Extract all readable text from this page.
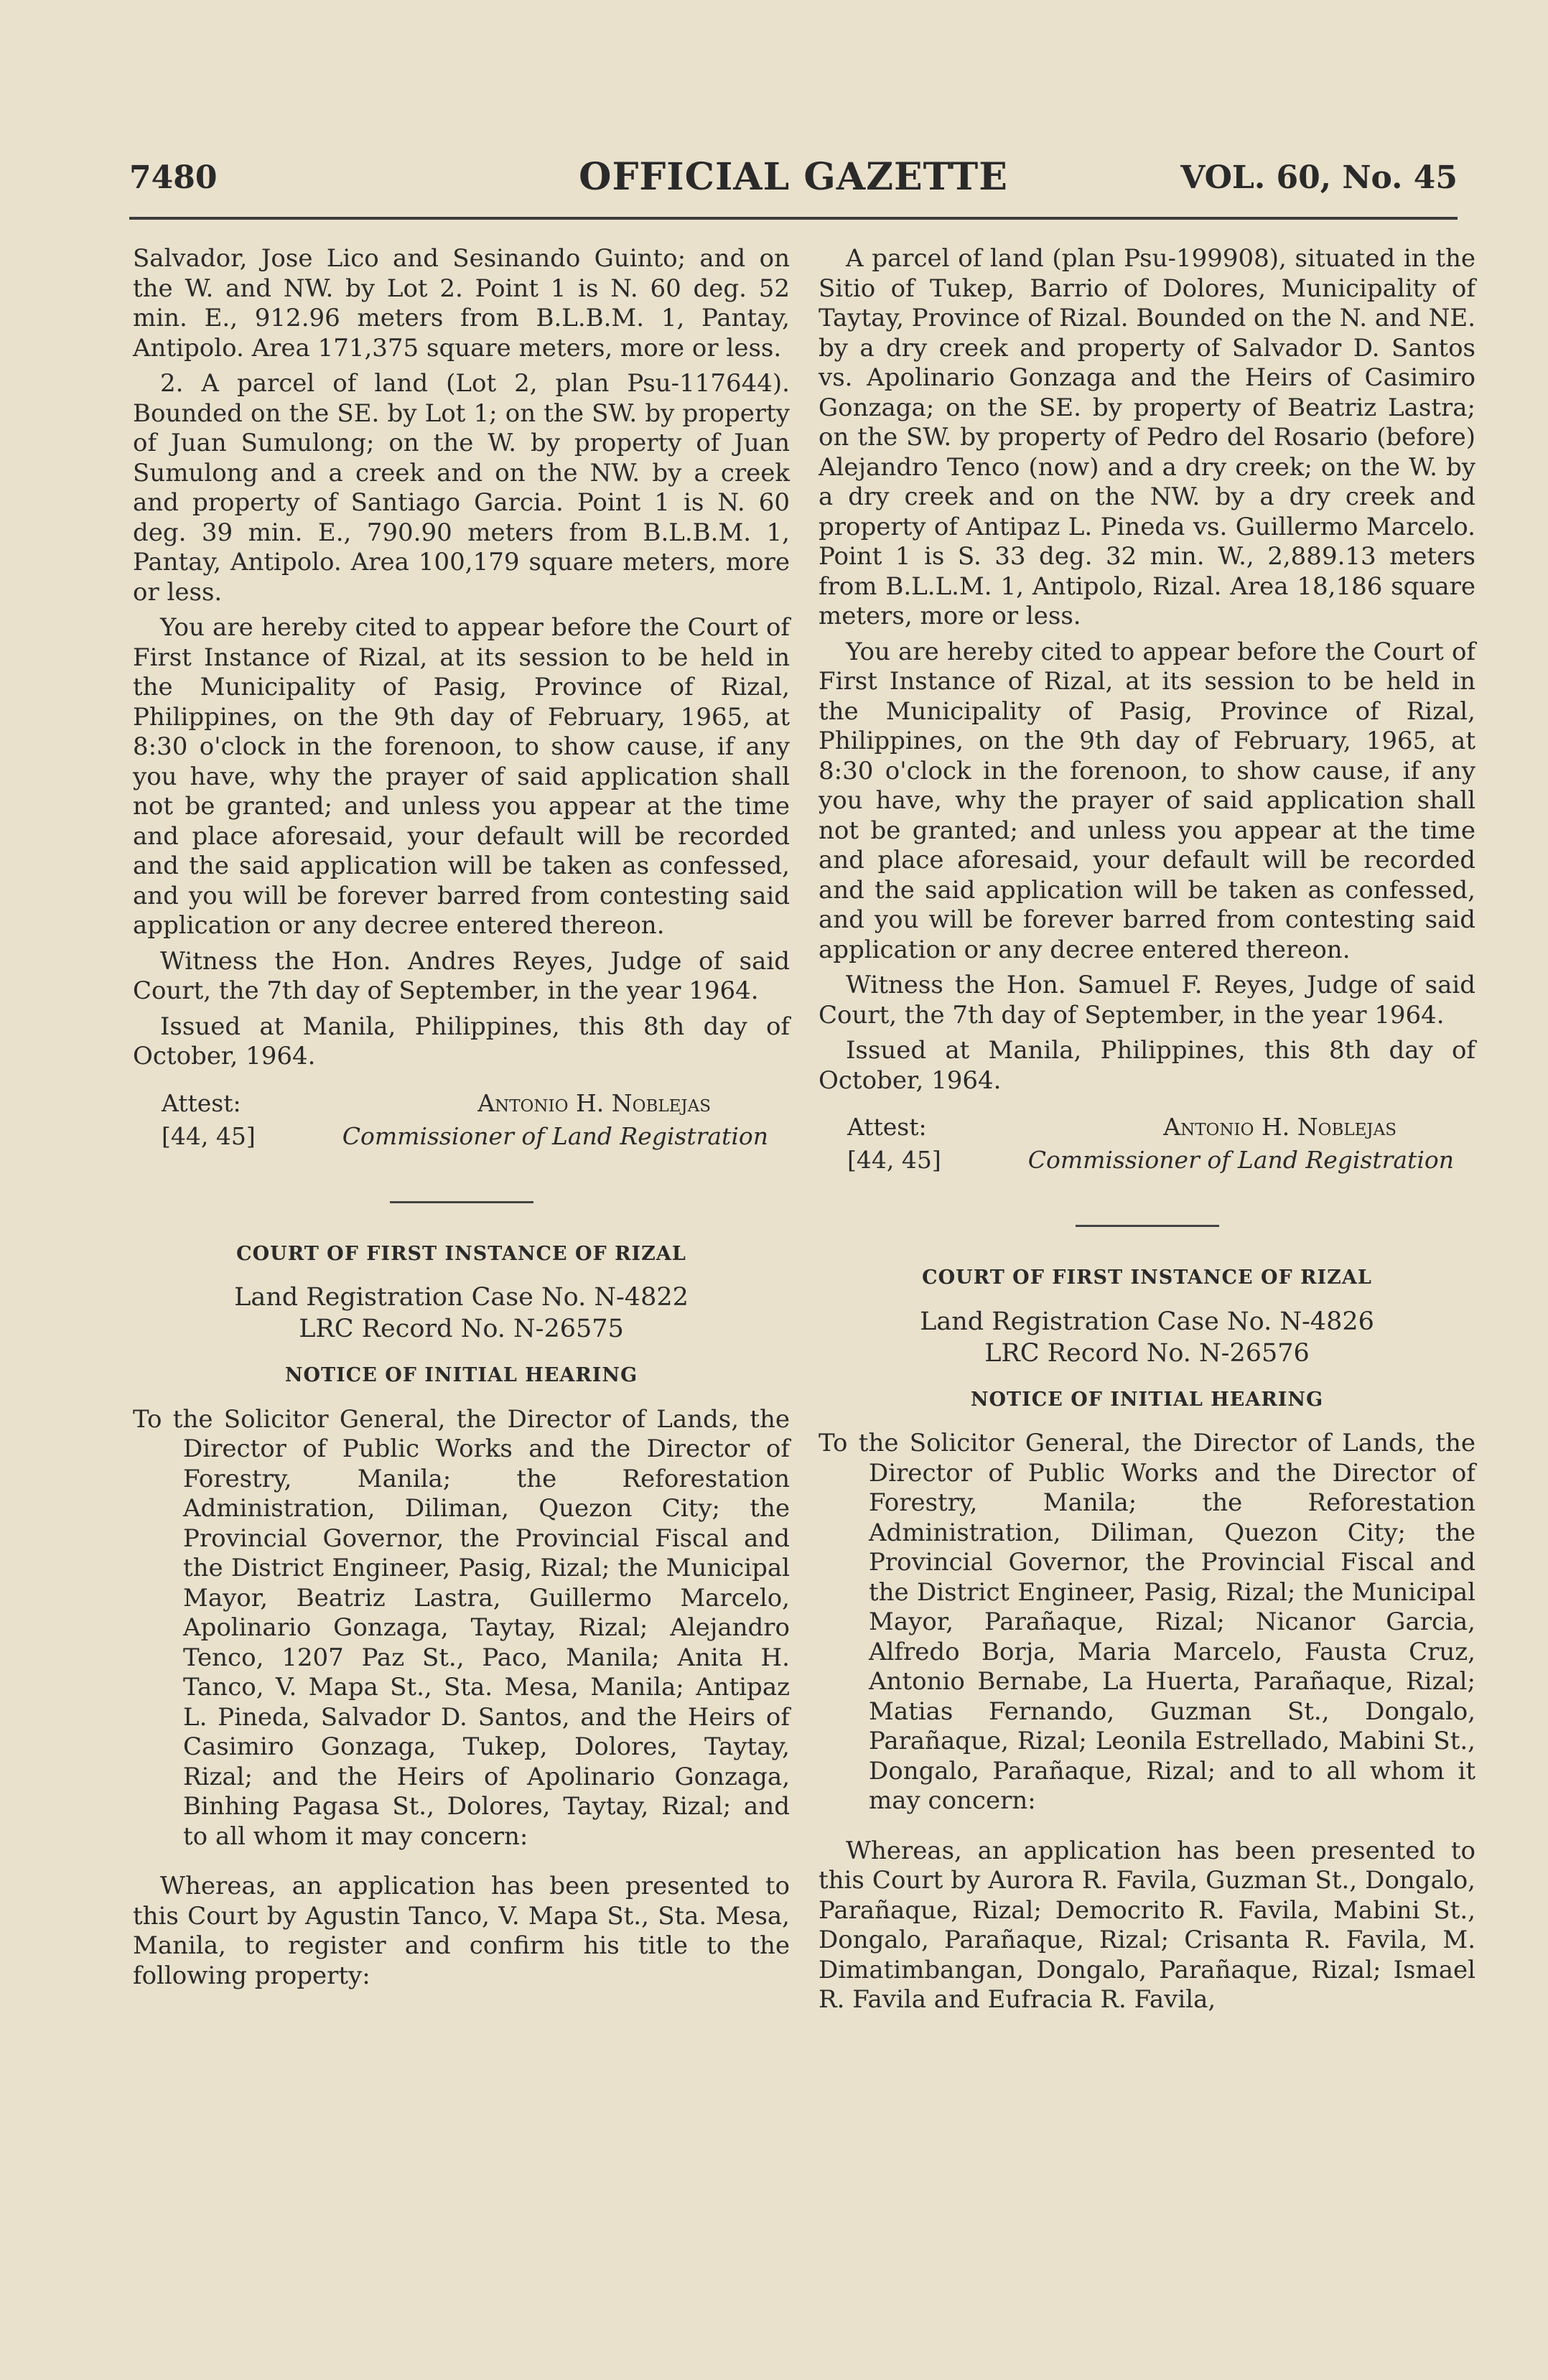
7480	OFFICIAL GAZETTE	VOL. 60, No. 45

Salvador, Jose Lico and Sesinando Guinto; and on the W. and NW. by Lot 2. Point 1 is N. 60 deg. 52 min. E., 912.96 meters from B.L.B.M. 1, Pantay, Antipolo. Area 171,375 square meters, more or less.

2. A parcel of land (Lot 2, plan Psu-117644). Bounded on the SE. by Lot 1; on the SW. by property of Juan Sumulong; on the W. by property of Juan Sumulong and a creek and on the NW. by a creek and property of Santiago Garcia. Point 1 is N. 60 deg. 39 min. E., 790.90 meters from B.L.B.M. 1, Pantay, Antipolo. Area 100,179 square meters, more or less.

You are hereby cited to appear before the Court of First Instance of Rizal, at its session to be held in the Municipality of Pasig, Province of Rizal, Philippines, on the 9th day of February, 1965, at 8:30 o'clock in the forenoon, to show cause, if any you have, why the prayer of said application shall not be granted; and unless you appear at the time and place aforesaid, your default will be recorded and the said application will be taken as confessed, and you will be forever barred from contesting said application or any decree entered thereon.

Witness the Hon. Andres Reyes, Judge of said Court, the 7th day of September, in the year 1964.

Issued at Manila, Philippines, this 8th day of October, 1964.

Attest:
[44, 45]
Antonio H. Noblejas
Commissioner of Land Registration
COURT OF FIRST INSTANCE OF RIZAL
Land Registration Case No. N-4822
LRC Record No. N-26575
NOTICE OF INITIAL HEARING

To the Solicitor General, the Director of Lands, the Director of Public Works and the Director of Forestry, Manila; the Reforestation Administration, Diliman, Quezon City; the Provincial Governor, the Provincial Fiscal and the District Engineer, Pasig, Rizal; the Municipal Mayor, Beatriz Lastra, Guillermo Marcelo, Apolinario Gonzaga, Taytay, Rizal; Alejandro Tenco, 1207 Paz St., Paco, Manila; Anita H. Tanco, V. Mapa St., Sta. Mesa, Manila; Antipaz L. Pineda, Salvador D. Santos, and the Heirs of Casimiro Gonzaga, Tukep, Dolores, Taytay, Rizal; and the Heirs of Apolinario Gonzaga, Binhing Pagasa St., Dolores, Taytay, Rizal; and to all whom it may concern:

Whereas, an application has been presented to this Court by Agustin Tanco, V. Mapa St., Sta. Mesa, Manila, to register and confirm his title to the following property:

A parcel of land (plan Psu-199908), situated in the Sitio of Tukep, Barrio of Dolores, Municipality of Taytay, Province of Rizal. Bounded on the N. and NE. by a dry creek and property of Salvador D. Santos vs. Apolinario Gonzaga and the Heirs of Casimiro Gonzaga; on the SE. by property of Beatriz Lastra; on the SW. by property of Pedro del Rosario (before) Alejandro Tenco (now) and a dry creek; on the W. by a dry creek and on the NW. by a dry creek and property of Antipaz L. Pineda vs. Guillermo Marcelo. Point 1 is S. 33 deg. 32 min. W., 2,889.13 meters from B.L.L.M. 1, Antipolo, Rizal. Area 18,186 square meters, more or less.

You are hereby cited to appear before the Court of First Instance of Rizal, at its session to be held in the Municipality of Pasig, Province of Rizal, Philippines, on the 9th day of February, 1965, at 8:30 o'clock in the forenoon, to show cause, if any you have, why the prayer of said application shall not be granted; and unless you appear at the time and place aforesaid, your default will be recorded and the said application will be taken as confessed, and you will be forever barred from contesting said application or any decree entered thereon.

Witness the Hon. Samuel F. Reyes, Judge of said Court, the 7th day of September, in the year 1964.

Issued at Manila, Philippines, this 8th day of October, 1964.

Attest:
[44, 45]
Antonio H. Noblejas
Commissioner of Land Registration
COURT OF FIRST INSTANCE OF RIZAL
Land Registration Case No. N-4826
LRC Record No. N-26576
NOTICE OF INITIAL HEARING

To the Solicitor General, the Director of Lands, the Director of Public Works and the Director of Forestry, Manila; the Reforestation Administration, Diliman, Quezon City; the Provincial Governor, the Provincial Fiscal and the District Engineer, Pasig, Rizal; the Municipal Mayor, Parañaque, Rizal; Nicanor Garcia, Alfredo Borja, Maria Marcelo, Fausta Cruz, Antonio Bernabe, La Huerta, Parañaque, Rizal; Matias Fernando, Guzman St., Dongalo, Parañaque, Rizal; Leonila Estrellado, Mabini St., Dongalo, Parañaque, Rizal; and to all whom it may concern:

Whereas, an application has been presented to this Court by Aurora R. Favila, Guzman St., Dongalo, Parañaque, Rizal; Democrito R. Favila, Mabini St., Dongalo, Parañaque, Rizal; Crisanta R. Favila, M. Dimatimbangan, Dongalo, Parañaque, Rizal; Ismael R. Favila and Eufracia R. Favila,
